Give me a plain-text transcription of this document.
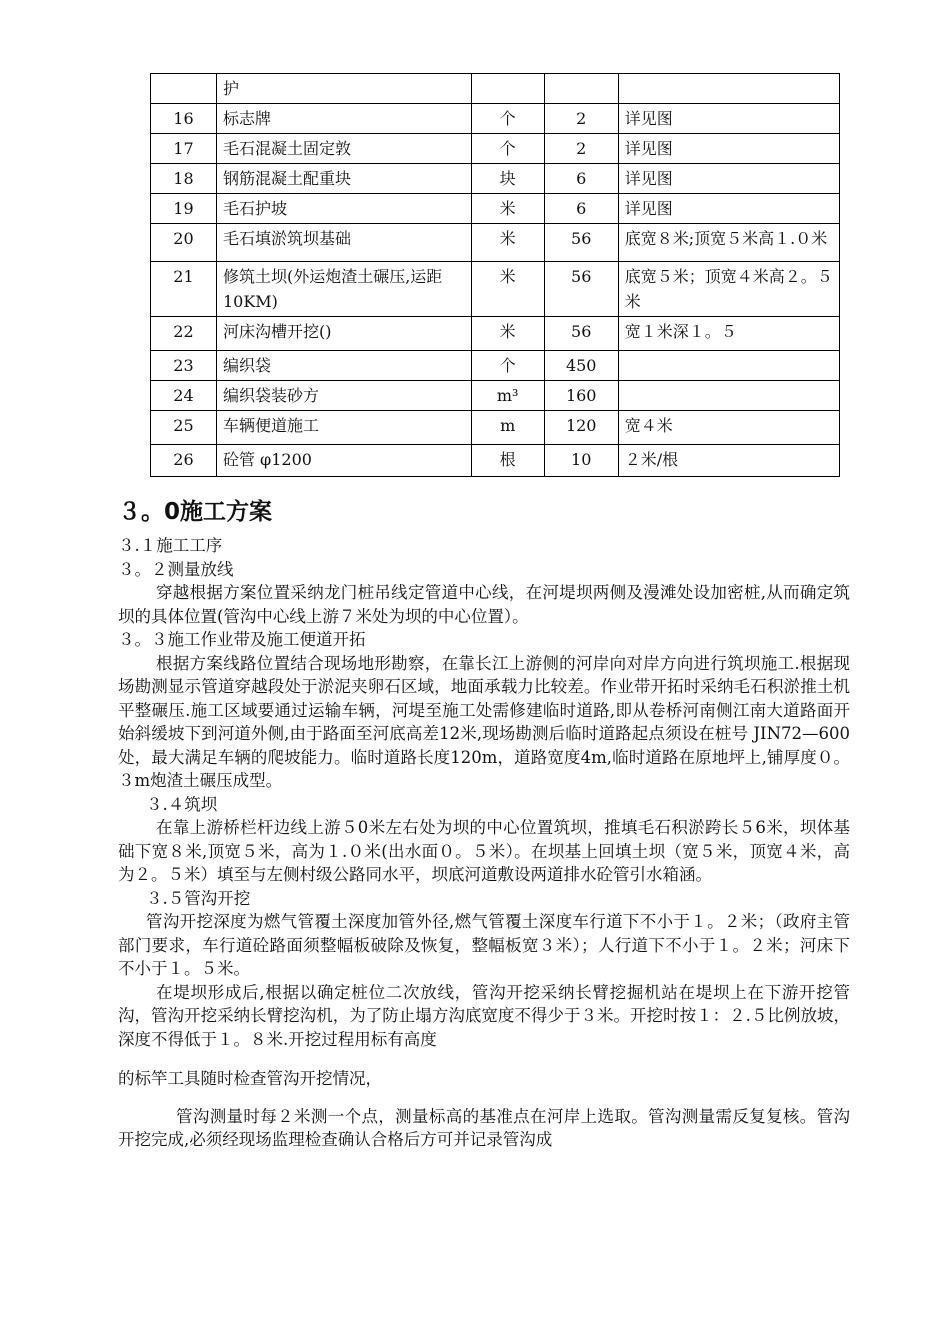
	护			
16	标志牌	个	2	详见图
17	毛石混凝土固定敦	个	2	详见图
18	钢筋混凝土配重块	块	6	详见图
19	毛石护坡	米	6	详见图
20	毛石填淤筑坝基础	米	56	底宽８米;顶宽５米高１.０米
21	修筑土坝(外运炮渣土碾压,运距10KM)	米	56	底宽５米；顶宽４米高２。５米
22	河床沟槽开挖()	米	56	宽１米深１。５
23	编织袋	个	450	
24	编织袋装砂方	m³	160	
25	车辆便道施工	m	120	宽４米
26	砼管 φ1200	根	10	２米/根
３。0施工方案

３.１施工工序

３。２测量放线

穿越根据方案位置采纳龙门桩吊线定管道中心线，在河堤坝两侧及漫滩处设加密桩,从而确定筑坝的具体位置(管沟中心线上游７米处为坝的中心位置）。

３。３施工作业带及施工便道开拓

根据方案线路位置结合现场地形勘察，在靠长江上游侧的河岸向对岸方向进行筑坝施工.根据现场勘测显示管道穿越段处于淤泥夹卵石区域，地面承载力比较差。作业带开拓时采纳毛石积淤推土机平整碾压.施工区域要通过运输车辆，河堤至施工处需修建临时道路,即从卷桥河南侧江南大道路面开始斜缓坡下到河道外侧,由于路面至河底高差12米,现场勘测后临时道路起点须设在桩号 JIN72—600处，最大满足车辆的爬坡能力。临时道路长度120m，道路宽度4m,临时道路在原地坪上,铺厚度０。３m炮渣土碾压成型。

３.４筑坝

在靠上游桥栏杆边线上游５0米左右处为坝的中心位置筑坝，推填毛石积淤跨长５6米，坝体基础下宽８米,顶宽５米，高为１.０米(出水面０。５米）。在坝基上回填土坝（宽５米，顶宽４米，高为２。５米）填至与左侧村级公路同水平，坝底河道敷设两道排水砼管引水箱涵。

３.５管沟开挖

管沟开挖深度为燃气管覆土深度加管外径,燃气管覆土深度车行道下不小于１。２米；（政府主管部门要求，车行道砼路面须整幅板破除及恢复，整幅板宽３米）；人行道下不小于１。２米；河床下不小于１。５米。

在堤坝形成后,根据以确定桩位二次放线，管沟开挖采纳长臂挖掘机站在堤坝上在下游开挖管沟，管沟开挖采纳长臂挖沟机，为了防止塌方沟底宽度不得少于３米。开挖时按１：２.５比例放坡，深度不得低于１。８米.开挖过程用标有高度

的标竿工具随时检查管沟开挖情况，

管沟测量时每２米测一个点，测量标高的基准点在河岸上选取。管沟测量需反复复核。管沟开挖完成,必须经现场监理检查确认合格后方可并记录管沟成
